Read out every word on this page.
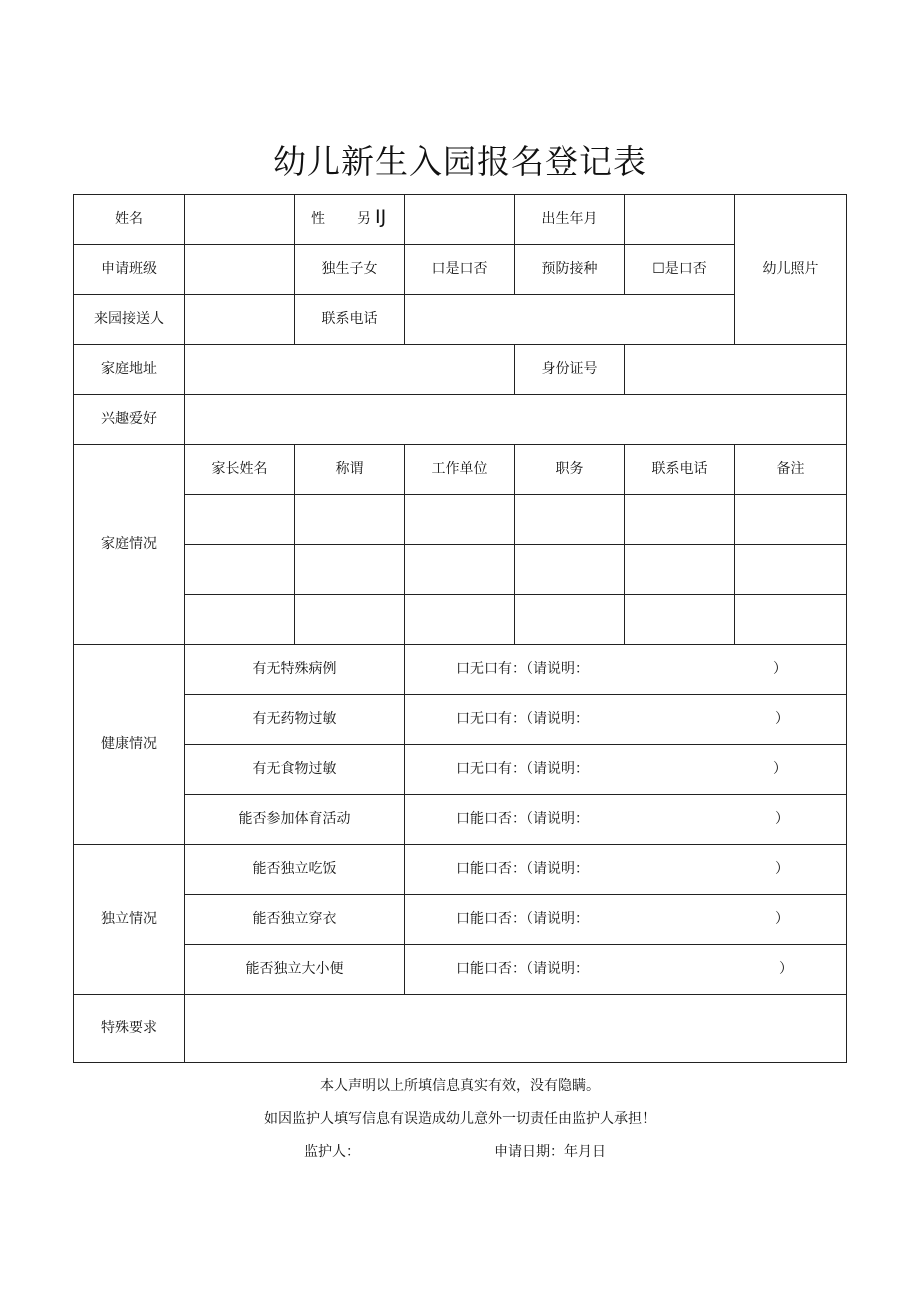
幼儿新生入园报名登记表
姓名		性 另 IJ		出生年月		幼儿照片
申请班级		独生子女	口是口否	预防接种	☐是口否	
来园接送人		联系电话				
家庭地址				身份证号		
兴趣爱好						
家庭情况	家长姓名	称谓	工作单位	职务	联系电话	备注

健康情况	有无特殊病例		口无口有：（请说明： ）			

	有无药物过敏		口无口有：（请说明： ）			

	有无食物过敏		口无口有：（请说明： ）			

	能否参加体育活动		口能口否：（请说明： ）			

独立情况	能否独立吃饭		口能口否：（请说明： ）			

	能否独立穿衣		口能口否：（请说明： ）			

	能否独立大小便		口能口否：（请说明： ）			

特殊要求						
本人声明以上所填信息真实有效，没有隐瞒。
如因监护人填写信息有误造成幼儿意外一切责任由监护人承担！
监护人：	申请日期：年月日
